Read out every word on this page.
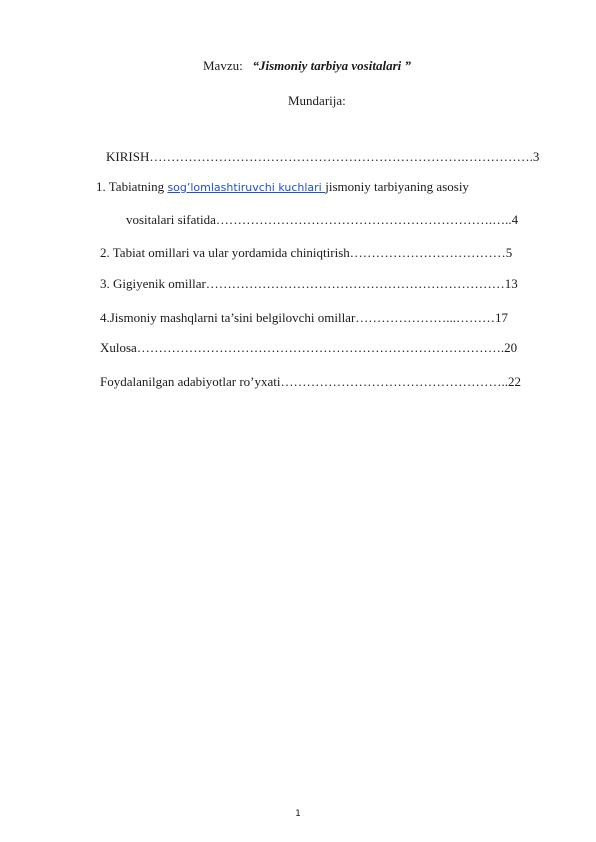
Mavzu: “Jismoniy tarbiya vositalari ”
Mundarija:
KIRISH……………………………………………………………….…………….3
1. Tabiatning sog’lomlashtiruvchi kuchlari jismoniy tarbiyaning asosiy
vositalari sifatida……………………………………………………….…..4
2. Tabiat omillari va ular yordamida chiniqtirish………………………………5
3. Gigiyenik omillar……………………………………………………………13
4.Jismoniy mashqlarni ta’sini belgilovchi omillar…………………...………17
Xulosa………………………………………………………………………….20
Foydalanilgan adabiyotlar ro’yxati……………………………………………..22
1
